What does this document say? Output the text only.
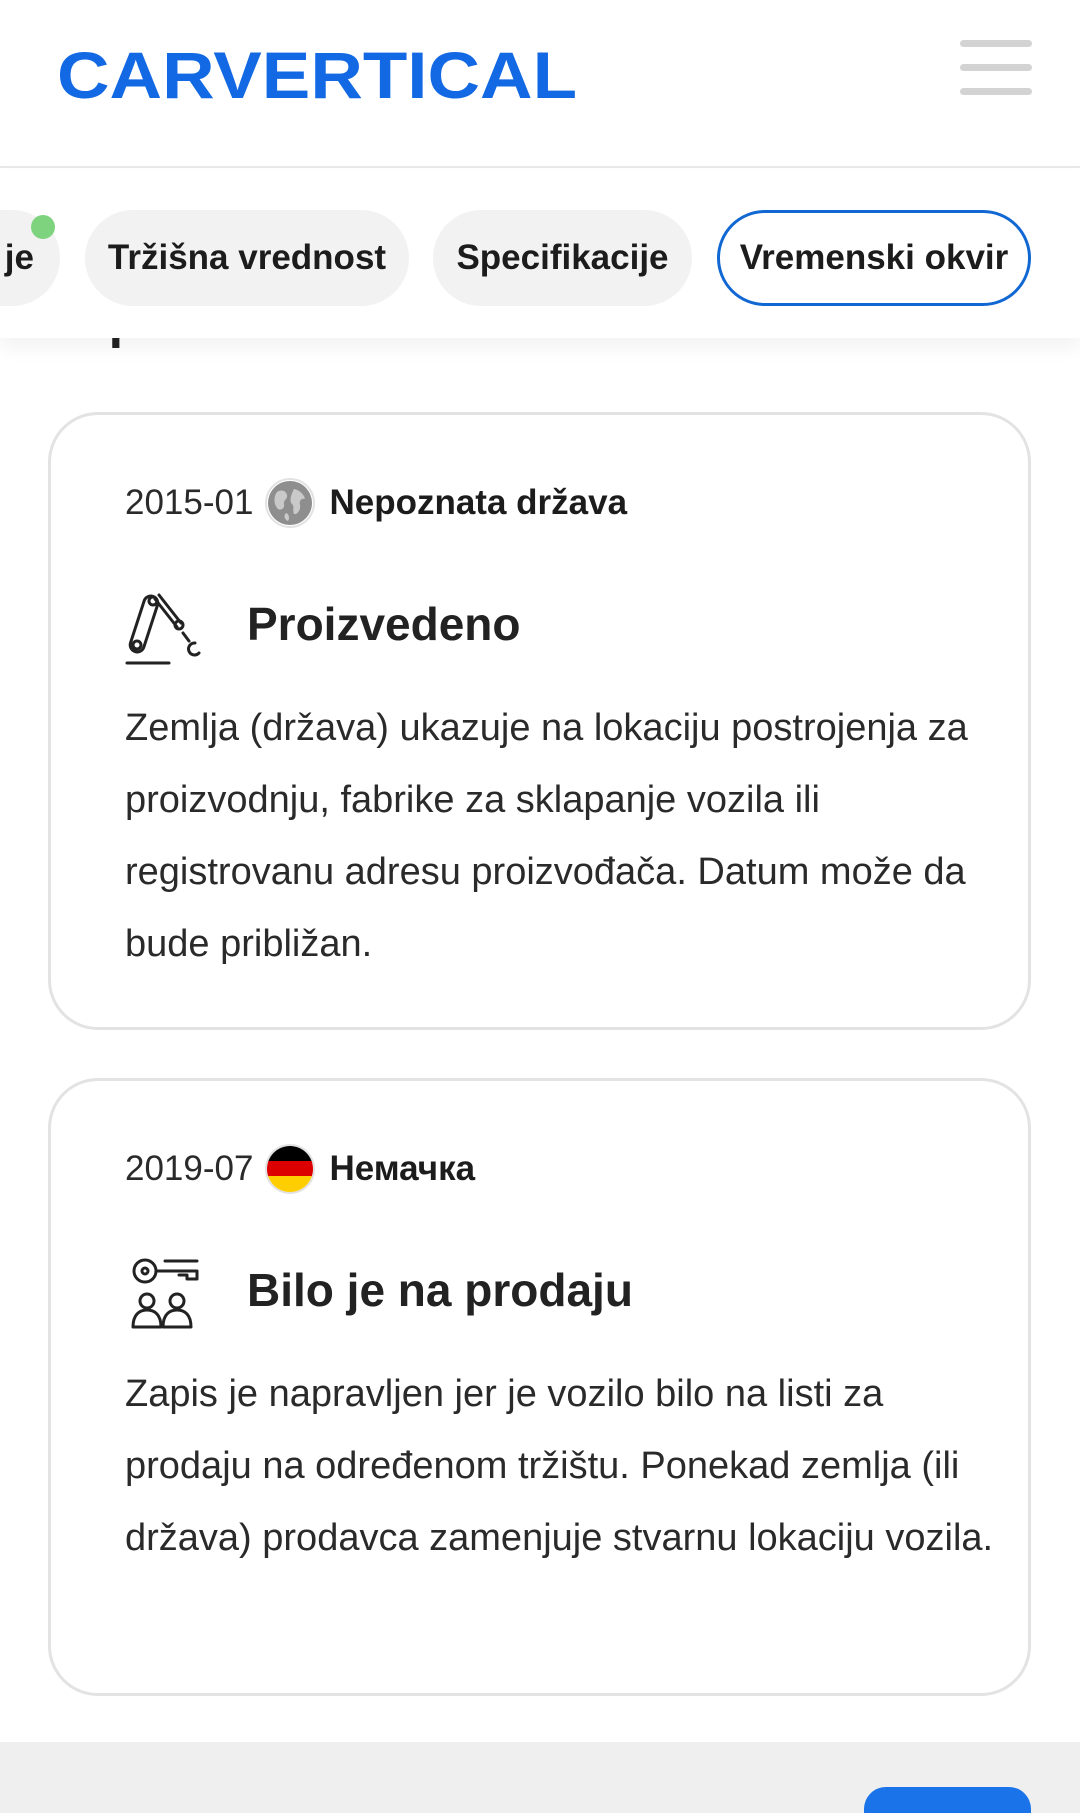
CARVERTICAL
je Tržišna vrednost Specifikacije Vremenski okvir
2015-01 Nepoznata država
Proizvedeno
Zemlja (država) ukazuje na lokaciju postrojenja za proizvodnju, fabrike za sklapanje vozila ili registrovanu adresu proizvođača. Datum može da bude približan.
2019-07 Немачка
Bilo je na prodaju
Zapis je napravljen jer je vozilo bilo na listi za prodaju na određenom tržištu. Ponekad zemlja (ili država) prodavca zamenjuje stvarnu lokaciju vozila.
